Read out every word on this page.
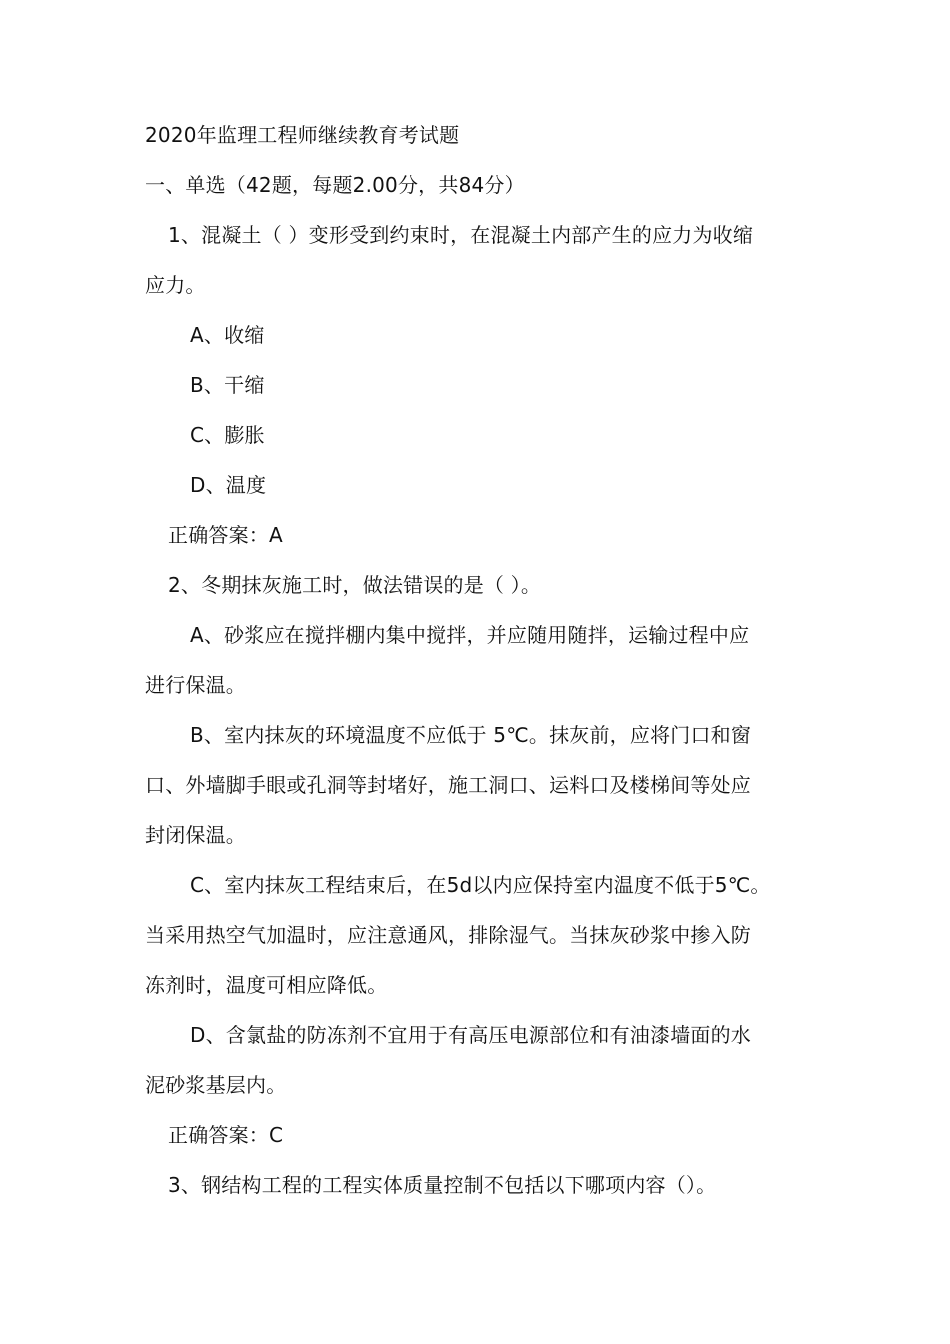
2020年监理工程师继续教育考试题
一、单选（42题，每题2.00分，共84分）
1、混凝土（ ）变形受到约束时，在混凝土内部产生的应力为收缩
应力。
A、收缩
B、干缩
C、膨胀
D、温度
正确答案：A
2、冬期抹灰施工时，做法错误的是（ ）。
A、砂浆应在搅拌棚内集中搅拌，并应随用随拌，运输过程中应
进行保温。
B、室内抹灰的环境温度不应低于 5℃。抹灰前，应将门口和窗
口、外墙脚手眼或孔洞等封堵好，施工洞口、运料口及楼梯间等处应
封闭保温。
C、室内抹灰工程结束后，在5d以内应保持室内温度不低于5℃。
当采用热空气加温时，应注意通风，排除湿气。当抹灰砂浆中掺入防
冻剂时，温度可相应降低。
D、含氯盐的防冻剂不宜用于有高压电源部位和有油漆墙面的水
泥砂浆基层内。
正确答案：C
3、钢结构工程的工程实体质量控制不包括以下哪项内容（）。
